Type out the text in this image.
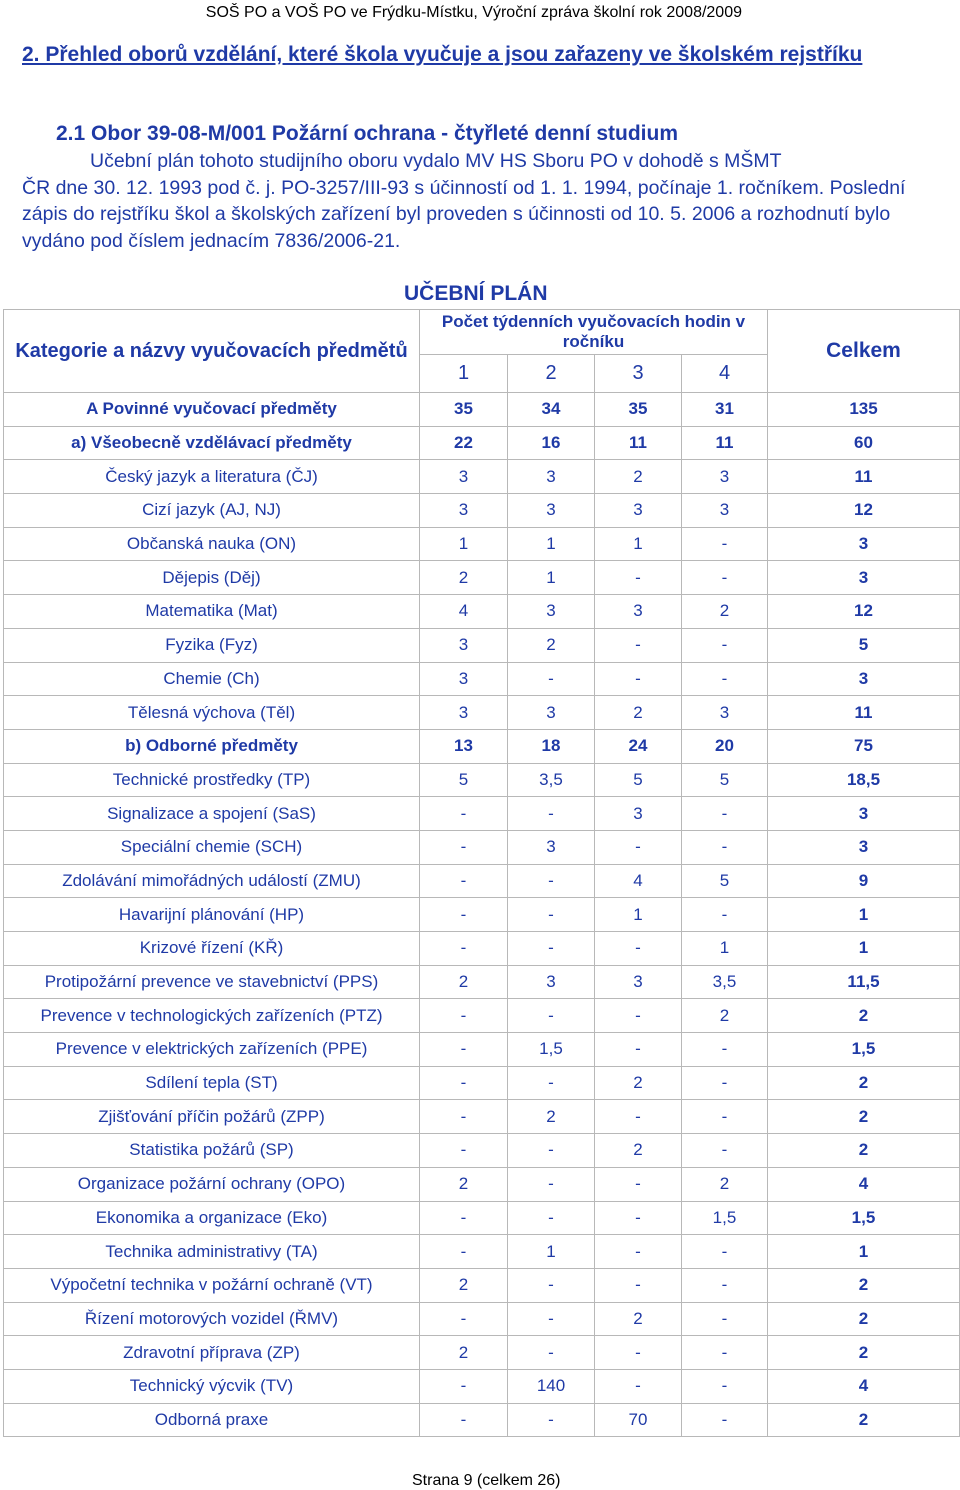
SOŠ PO a VOŠ PO ve Frýdku-Místku, Výroční zpráva školní rok 2008/2009
2. Přehled oborů vzdělání, které škola vyučuje a jsou zařazeny ve školském rejstříku
2.1 Obor 39-08-M/001 Požární ochrana - čtyřleté denní studium
Učební plán tohoto studijního oboru vydalo MV HS Sboru PO v dohodě s MŠMT
ČR dne 30. 12. 1993 pod č. j. PO-3257/III-93 s účinností od 1. 1. 1994, počínaje 1. ročníkem. Poslední zápis do rejstříku škol a školských zařízení byl proveden s účinnosti od 10. 5. 2006 a rozhodnutí bylo vydáno pod číslem jednacím 7836/2006-21.
UČEBNÍ PLÁN
Kategorie a názvy vyučovacích předmětů	Počet týdenních vyučovacích hodin v ročníku				Celkem
	1	2	3	4	
A Povinné vyučovací předměty	35	34	35	31	135
a) Všeobecně vzdělávací předměty	22	16	11	11	60
Český jazyk a literatura (ČJ)	3	3	2	3	11
Cizí jazyk (AJ, NJ)	3	3	3	3	12
Občanská nauka (ON)	1	1	1	-	3
Dějepis (Děj)	2	1	-	-	3
Matematika (Mat)	4	3	3	2	12
Fyzika (Fyz)	3	2	-	-	5
Chemie (Ch)	3	-	-	-	3
Tělesná výchova (Těl)	3	3	2	3	11
b) Odborné předměty	13	18	24	20	75
Technické prostředky (TP)	5	3,5	5	5	18,5
Signalizace a spojení (SaS)	-	-	3	-	3
Speciální chemie (SCH)	-	3	-	-	3
Zdolávání mimořádných událostí (ZMU)	-	-	4	5	9
Havarijní plánování (HP)	-	-	1	-	1
Krizové řízení (KŘ)	-	-	-	1	1
Protipožární prevence ve stavebnictví (PPS)	2	3	3	3,5	11,5
Prevence v technologických zařízeních (PTZ)	-	-	-	2	2
Prevence v elektrických zařízeních (PPE)	-	1,5	-	-	1,5
Sdílení tepla (ST)	-	-	2	-	2
Zjišťování příčin požárů (ZPP)	-	2	-	-	2
Statistika požárů (SP)	-	-	2	-	2
Organizace požární ochrany (OPO)	2	-	-	2	4
Ekonomika a organizace (Eko)	-	-	-	1,5	1,5
Technika administrativy (TA)	-	1	-	-	1
Výpočetní technika v požární ochraně (VT)	2	-	-	-	2
Řízení motorových vozidel (ŘMV)	-	-	2	-	2
Zdravotní příprava (ZP)	2	-	-	-	2
Technický výcvik (TV)	-	140	-	-	4
Odborná praxe	-	-	70	-	2
Strana 9 (celkem 26)
